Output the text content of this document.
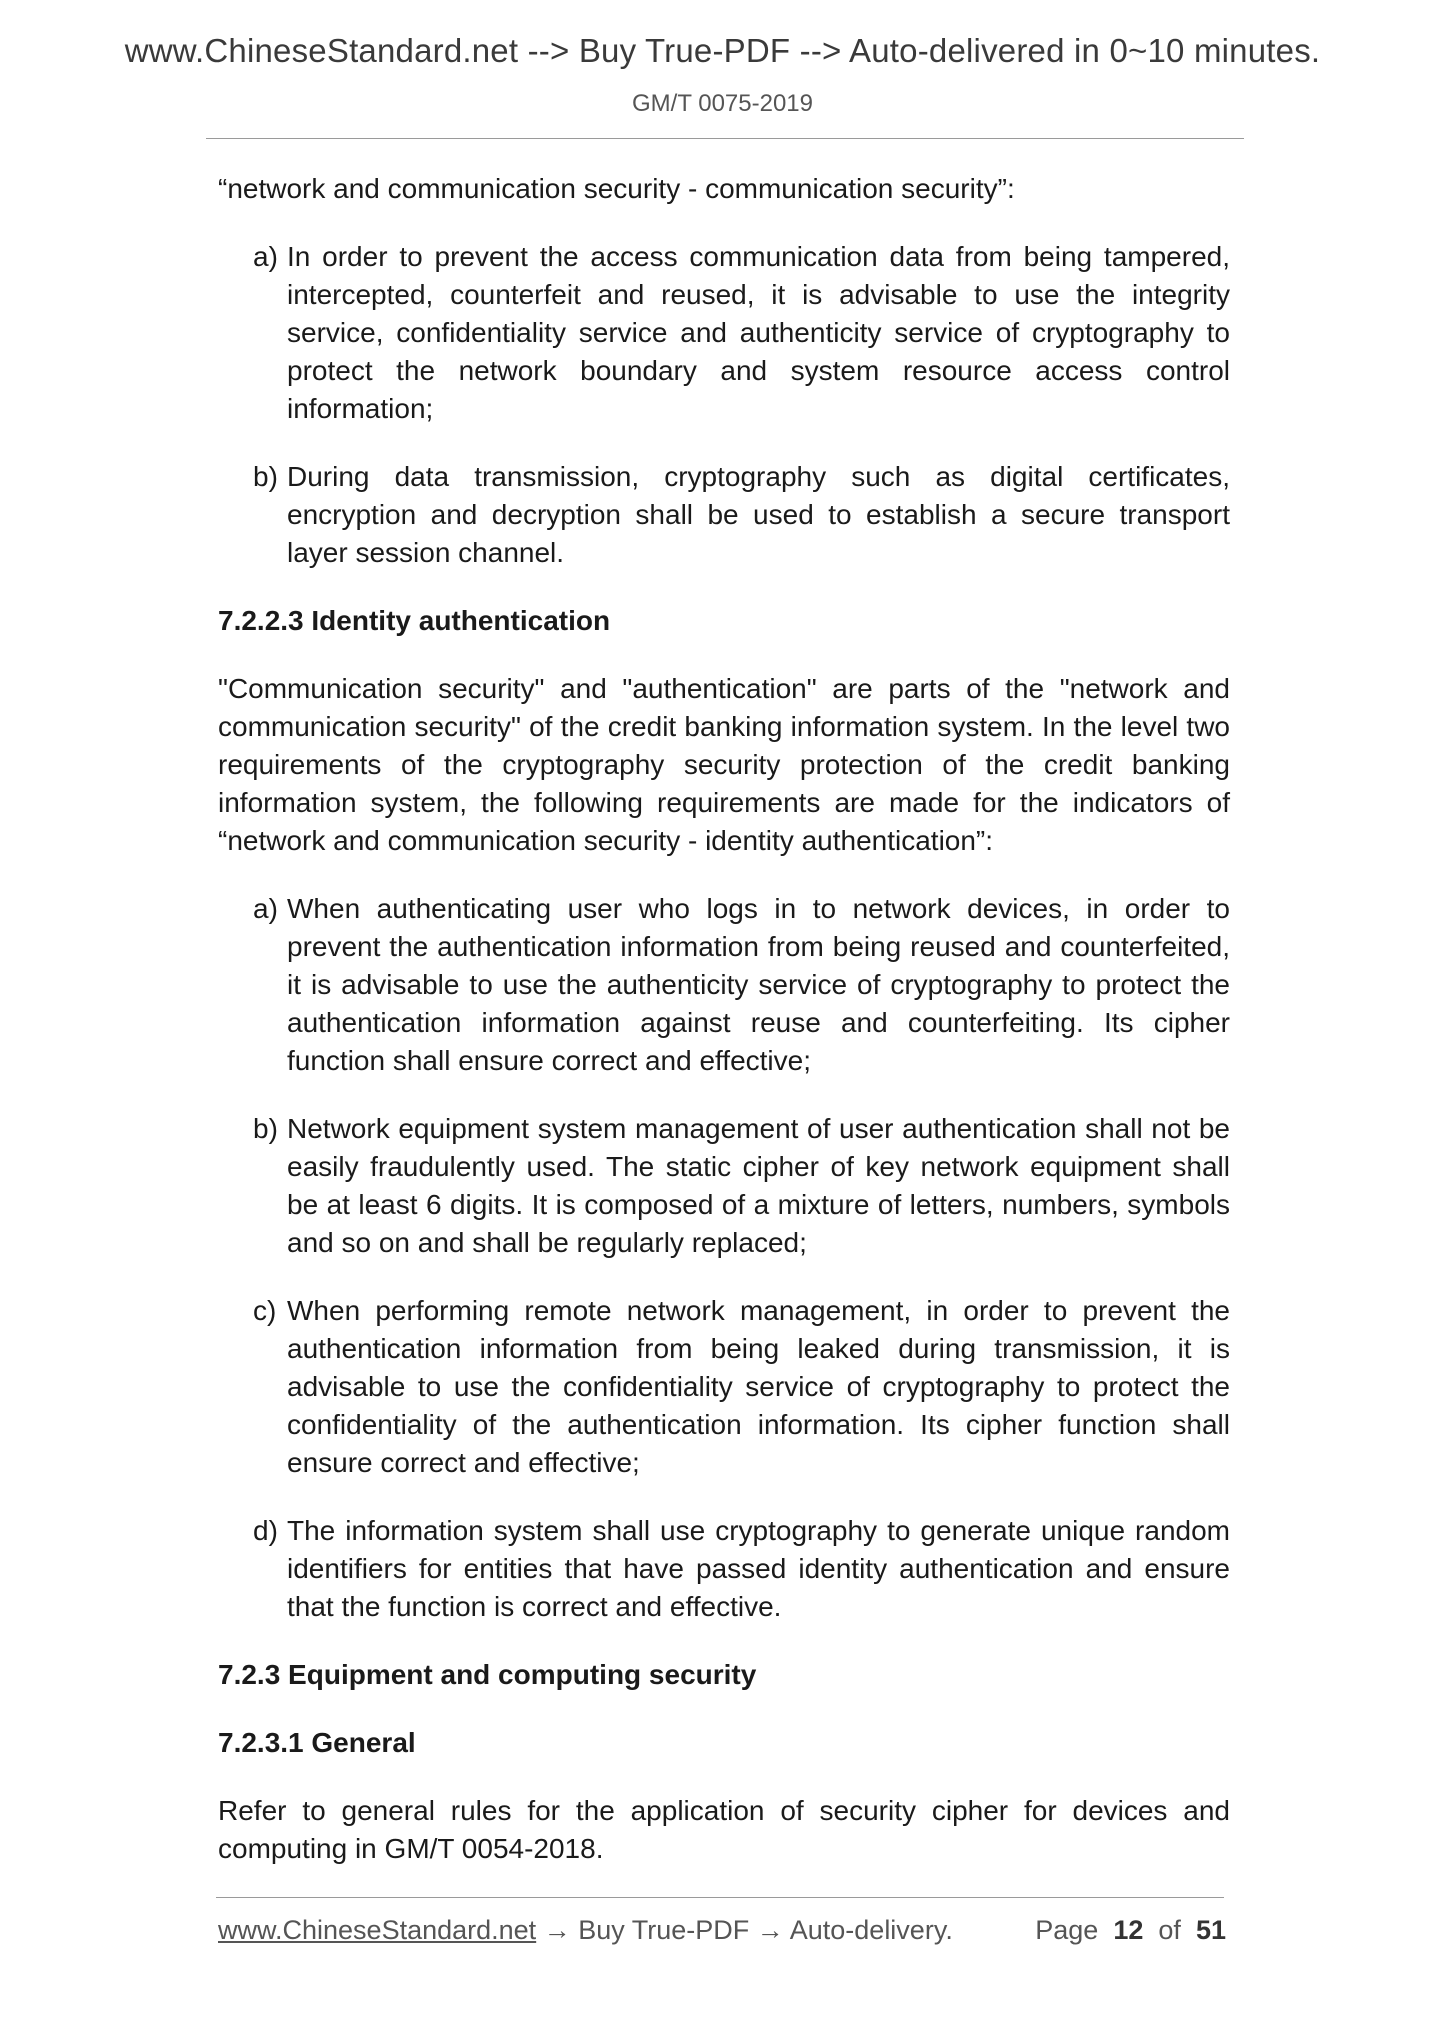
www.ChineseStandard.net --> Buy True-PDF --> Auto-delivered in 0~10 minutes.
GM/T 0075-2019

“network and communication security - communication security”:

a) In order to prevent the access communication data from being tampered, intercepted, counterfeit and reused, it is advisable to use the integrity service, confidentiality service and authenticity service of cryptography to protect the network boundary and system resource access control information;
b) During data transmission, cryptography such as digital certificates, encryption and decryption shall be used to establish a secure transport layer session channel.
7.2.2.3 Identity authentication

"Communication security" and "authentication" are parts of the "network and communication security" of the credit banking information system. In the level two requirements of the cryptography security protection of the credit banking information system, the following requirements are made for the indicators of “network and communication security - identity authentication”:

a) When authenticating user who logs in to network devices, in order to prevent the authentication information from being reused and counterfeited, it is advisable to use the authenticity service of cryptography to protect the authentication information against reuse and counterfeiting. Its cipher function shall ensure correct and effective;
b) Network equipment system management of user authentication shall not be easily fraudulently used. The static cipher of key network equipment shall be at least 6 digits. It is composed of a mixture of letters, numbers, symbols and so on and shall be regularly replaced;
c) When performing remote network management, in order to prevent the authentication information from being leaked during transmission, it is advisable to use the confidentiality service of cryptography to protect the confidentiality of the authentication information. Its cipher function shall ensure correct and effective;
d) The information system shall use cryptography to generate unique random identifiers for entities that have passed identity authentication and ensure that the function is correct and effective.
7.2.3 Equipment and computing security
7.2.3.1 General

Refer to general rules for the application of security cipher for devices and computing in GM/T 0054-2018.

www.ChineseStandard.net → Buy True-PDF → Auto-delivery.	Page 12 of 51
